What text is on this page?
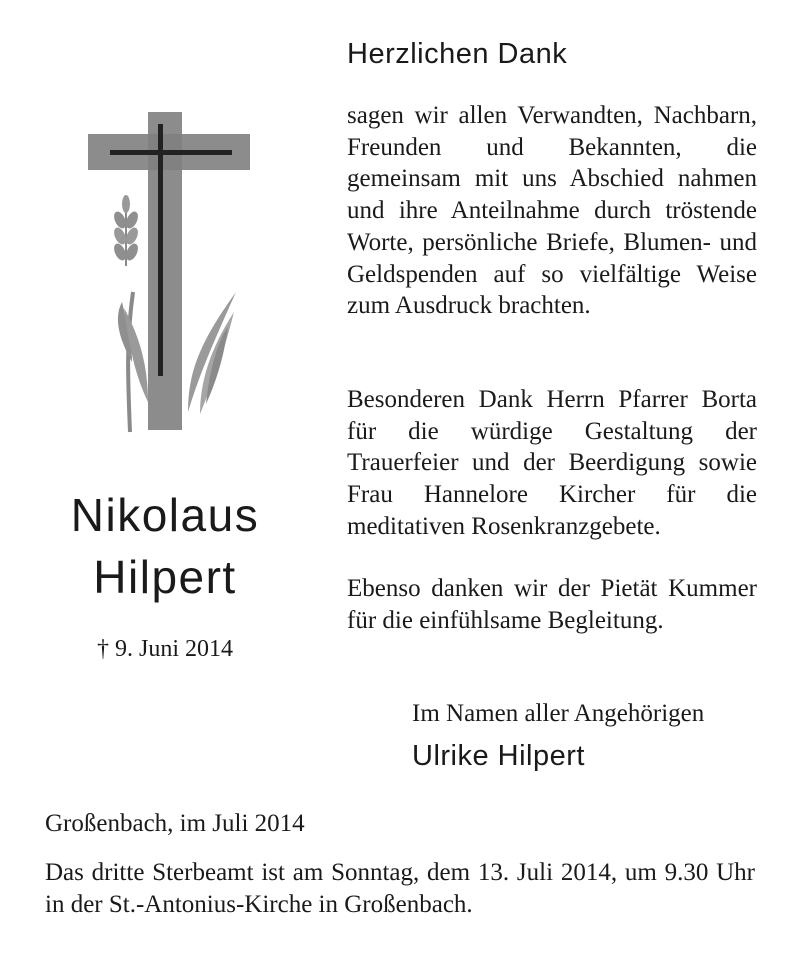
Nikolaus
Hilpert
† 9. Juni 2014
Herzlichen Dank
sagen wir allen Verwandten, Nachbarn, Freunden und Bekannten, die gemeinsam mit uns Abschied nahmen und ihre Anteilnahme durch tröstende Worte, persönliche Briefe, Blumen- und Geldspenden auf so vielfältige Weise zum Ausdruck brachten.
Besonderen Dank Herrn Pfarrer Borta für die würdige Gestaltung der Trauerfeier und der Beerdigung sowie Frau Hannelore Kircher für die meditativen Rosenkranzgebete.
Ebenso danken wir der Pietät Kummer für die einfühlsame Begleitung.
Im Namen aller Angehörigen
Ulrike Hilpert
Großenbach, im Juli 2014
Das dritte Sterbeamt ist am Sonntag, dem 13. Juli 2014, um 9.30 Uhr in der St.-Antonius-Kirche in Großenbach.
